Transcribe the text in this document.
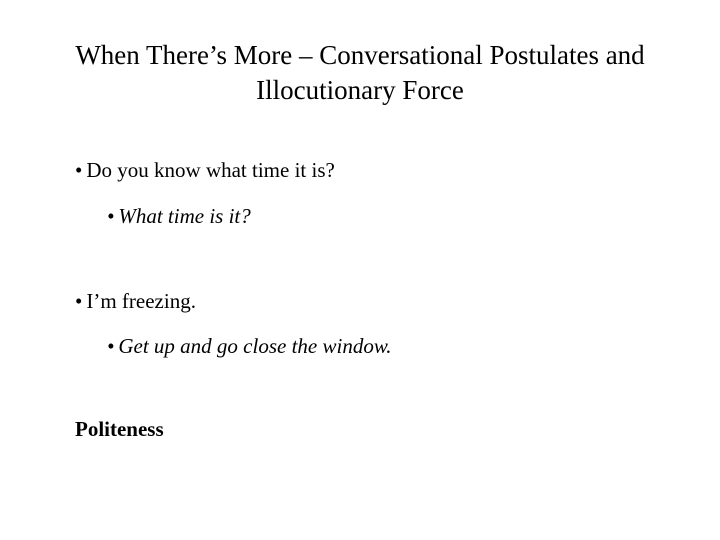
When There’s More – Conversational Postulates and
Illocutionary Force
• Do you know what time it is?
• What time is it?
• I’m freezing.
• Get up and go close the window.
Politeness
